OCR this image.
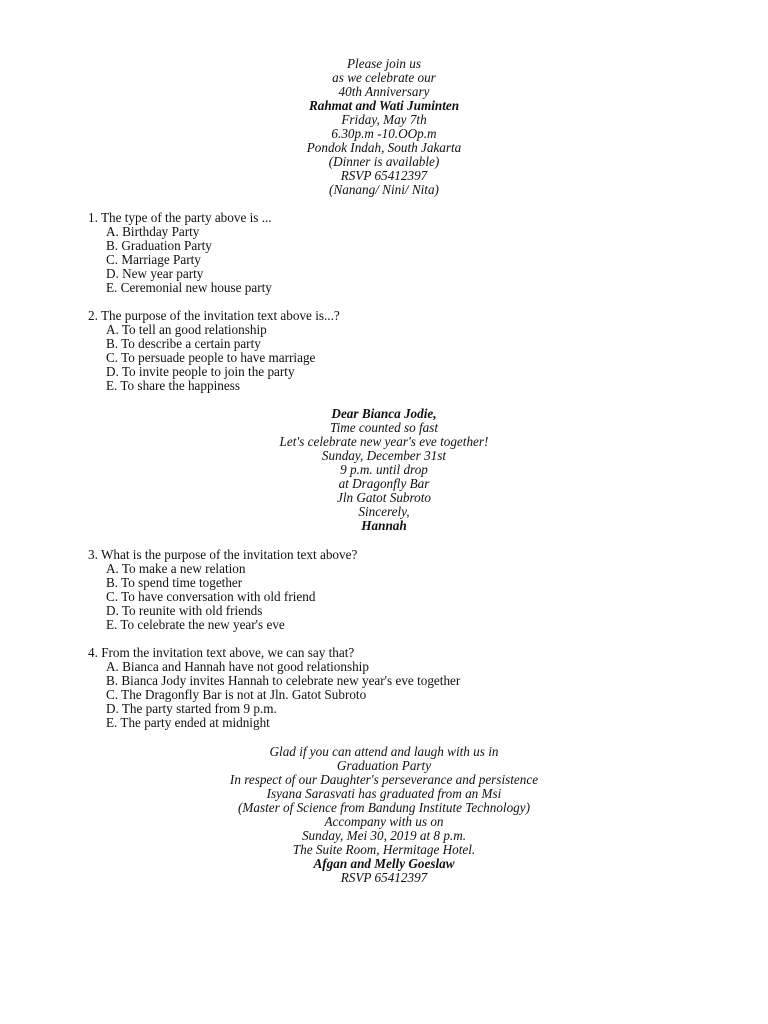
Please join us
as we celebrate our
40th Anniversary
Rahmat and Wati Juminten
Friday, May 7th
6.30p.m -10.OOp.m
Pondok Indah, South Jakarta
(Dinner is available)
RSVP 65412397
(Nanang/ Nini/ Nita)
1. The type of the party above is ...
A. Birthday Party
B. Graduation Party
C. Marriage Party
D. New year party
E. Ceremonial new house party
2. The purpose of the invitation text above is...?
A. To tell an good relationship
B. To describe a certain party
C. To persuade people to have marriage
D. To invite people to join the party
E. To share the happiness
Dear Bianca Jodie,
Time counted so fast
Let's celebrate new year's eve together!
Sunday, December 31st
9 p.m. until drop
at Dragonfly Bar
Jln Gatot Subroto
Sincerely,
Hannah
3. What is the purpose of the invitation text above?
A. To make a new relation
B. To spend time together
C. To have conversation with old friend
D. To reunite with old friends
E. To celebrate the new year's eve
4. From the invitation text above, we can say that?
A. Bianca and Hannah have not good relationship
B. Bianca Jody invites Hannah to celebrate new year's eve together
C. The Dragonfly Bar is not at Jln. Gatot Subroto
D. The party started from 9 p.m.
E. The party ended at midnight
Glad if you can attend and laugh with us in
Graduation Party
In respect of our Daughter's perseverance and persistence
Isyana Sarasvati has graduated from an Msi
(Master of Science from Bandung Institute Technology)
Accompany with us on
Sunday, Mei 30, 2019 at 8 p.m.
The Suite Room, Hermitage Hotel.
Afgan and Melly Goeslaw
RSVP 65412397
